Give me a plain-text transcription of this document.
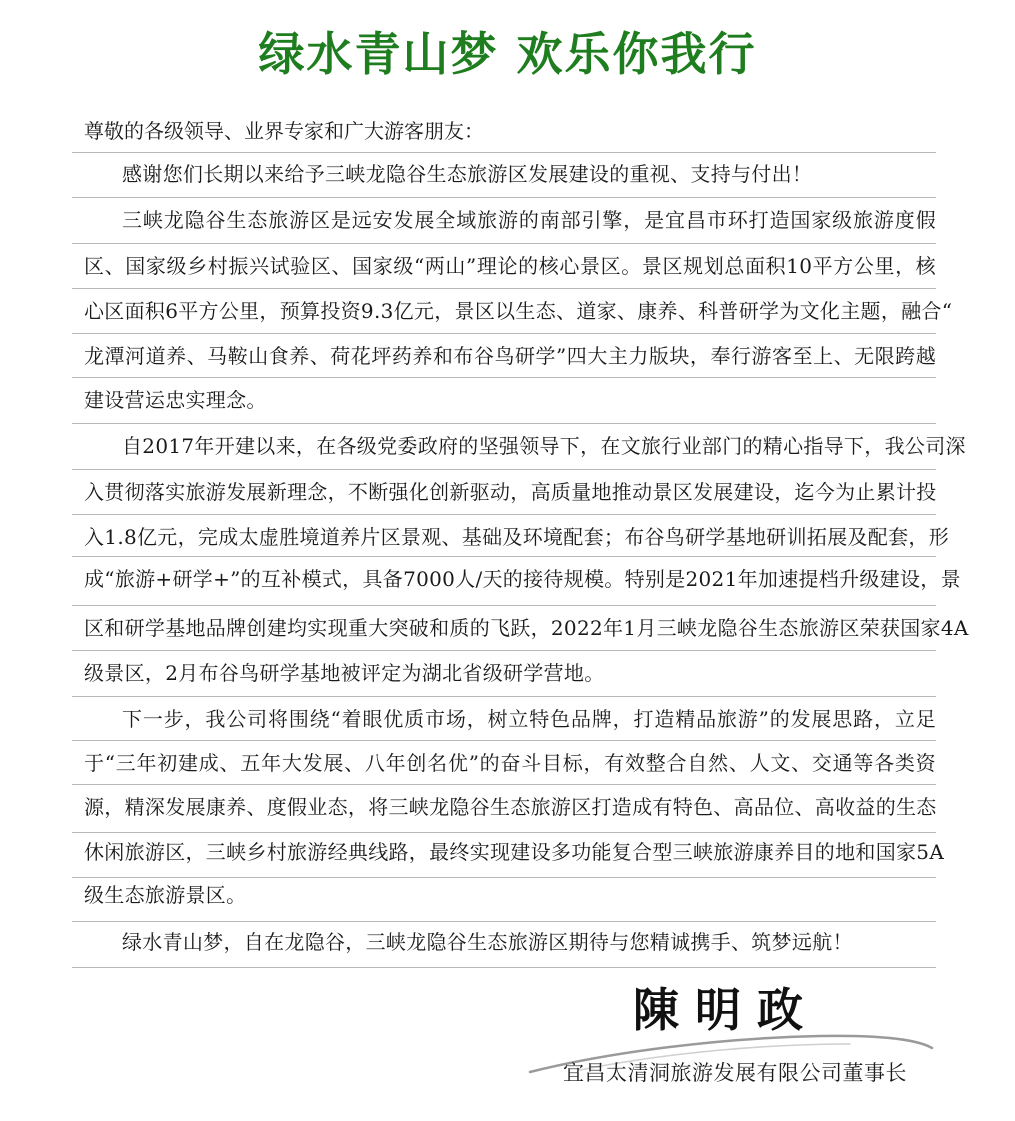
绿水青山梦 欢乐你我行
尊敬的各级领导、业界专家和广大游客朋友：
感谢您们长期以来给予三峡龙隐谷生态旅游区发展建设的重视、支持与付出！
三峡龙隐谷生态旅游区是远安发展全域旅游的南部引擎，是宜昌市环打造国家级旅游度假
区、国家级乡村振兴试验区、国家级“两山”理论的核心景区。景区规划总面积10平方公里，核
心区面积6平方公里，预算投资9.3亿元，景区以生态、道家、康养、科普研学为文化主题，融合“
龙潭河道养、马鞍山食养、荷花坪药养和布谷鸟研学”四大主力版块，奉行游客至上、无限跨越
建设营运忠实理念。
自2017年开建以来，在各级党委政府的坚强领导下，在文旅行业部门的精心指导下，我公司深
入贯彻落实旅游发展新理念，不断强化创新驱动，高质量地推动景区发展建设，迄今为止累计投
入1.8亿元，完成太虚胜境道养片区景观、基础及环境配套；布谷鸟研学基地研训拓展及配套，形
成“旅游+研学+”的互补模式，具备7000人/天的接待规模。特别是2021年加速提档升级建设，景
区和研学基地品牌创建均实现重大突破和质的飞跃，2022年1月三峡龙隐谷生态旅游区荣获国家4A
级景区，2月布谷鸟研学基地被评定为湖北省级研学营地。
下一步，我公司将围绕“着眼优质市场，树立特色品牌，打造精品旅游”的发展思路，立足
于“三年初建成、五年大发展、八年创名优”的奋斗目标，有效整合自然、人文、交通等各类资
源，精深发展康养、度假业态，将三峡龙隐谷生态旅游区打造成有特色、高品位、高收益的生态
休闲旅游区，三峡乡村旅游经典线路，最终实现建设多功能复合型三峡旅游康养目的地和国家5A
级生态旅游景区。
绿水青山梦，自在龙隐谷，三峡龙隐谷生态旅游区期待与您精诚携手、筑梦远航！
陳明政
宜昌太清洞旅游发展有限公司董事长
